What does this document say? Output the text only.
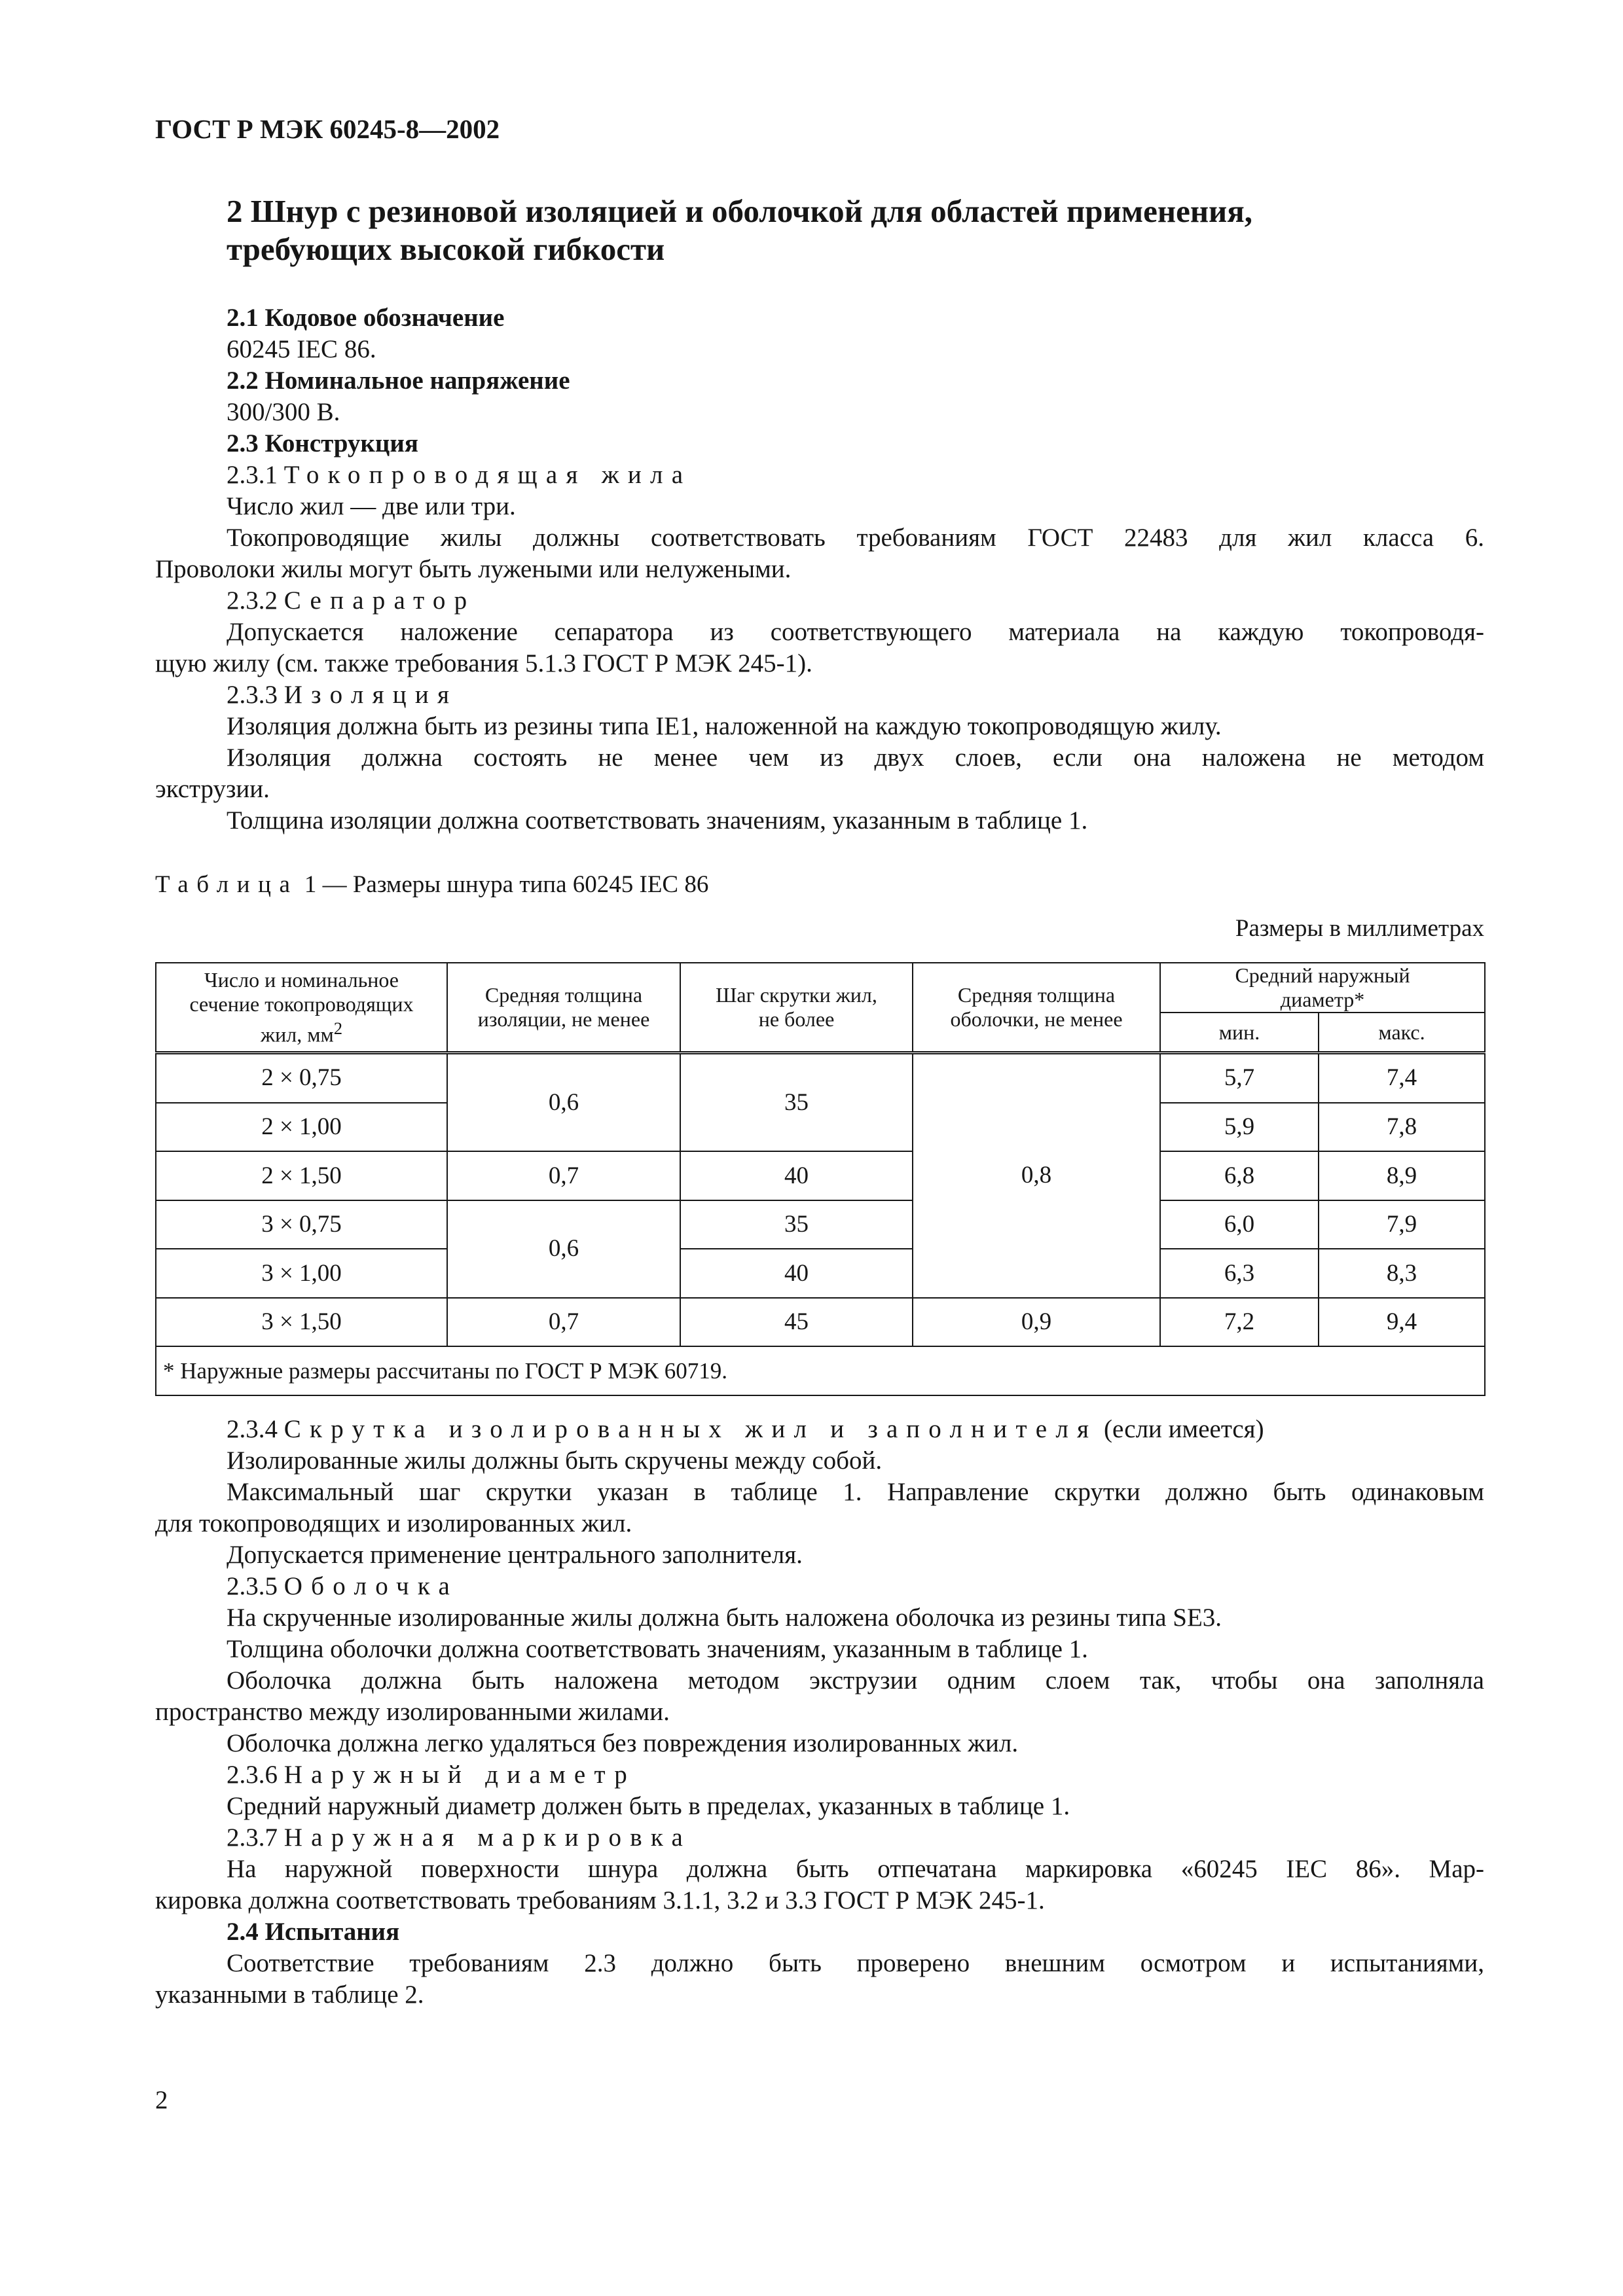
ГОСТ Р МЭК 60245-8—2002
2 Шнур с резиновой изоляцией и оболочкой для областей применения,
требующих высокой гибкости
2.1 Кодовое обозначение
60245 IEC 86.
2.2 Номинальное напряжение
300/300 В.
2.3 Конструкция
2.3.1 Токопроводящая жила
Число жил — две или три.
Токопроводящие жилы должны соответствовать требованиям ГОСТ 22483 для жил класса 6.
Проволоки жилы могут быть лужеными или нелужеными.
2.3.2 Сепаратор
Допускается наложение сепаратора из соответствующего материала на каждую токопроводя-
щую жилу (см. также требования 5.1.3 ГОСТ Р МЭК 245-1).
2.3.3 Изоляция
Изоляция должна быть из резины типа IE1, наложенной на каждую токопроводящую жилу.
Изоляция должна состоять не менее чем из двух слоев, если она наложена не методом
экструзии.
Толщина изоляции должна соответствовать значениям, указанным в таблице 1.
Таблица 1 — Размеры шнура типа 60245 IEC 86
Размеры в миллиметрах
Число и номинальное
сечение токопроводящих
жил, $мм^2$	Средняя толщина
изоляции, не менее	Шаг скрутки жил,
не более	Средняя толщина
оболочки, не менее	Средний наружный
диаметр*	
				мин.	макс.
2 × 0,75	0,6	35	0,8	5,7	7,4
2 × 1,00				5,9	7,8
2 × 1,50	0,7	40		6,8	8,9
3 × 0,75	0,6	35		6,0	7,9
3 × 1,00		40		6,3	8,3
3 × 1,50	0,7	45	0,9	7,2	9,4
* Наружные размеры рассчитаны по ГОСТ Р МЭК 60719.					
2.3.4 Скрутка изолированных жил и заполнителя (если имеется)
Изолированные жилы должны быть скручены между собой.
Максимальный шаг скрутки указан в таблице 1. Направление скрутки должно быть одинаковым
для токопроводящих и изолированных жил.
Допускается применение центрального заполнителя.
2.3.5 Оболочка
На скрученные изолированные жилы должна быть наложена оболочка из резины типа SE3.
Толщина оболочки должна соответствовать значениям, указанным в таблице 1.
Оболочка должна быть наложена методом экструзии одним слоем так, чтобы она заполняла
пространство между изолированными жилами.
Оболочка должна легко удаляться без повреждения изолированных жил.
2.3.6 Наружный диаметр
Средний наружный диаметр должен быть в пределах, указанных в таблице 1.
2.3.7 Наружная маркировка
На наружной поверхности шнура должна быть отпечатана маркировка «60245 IEC 86». Мар-
кировка должна соответствовать требованиям 3.1.1, 3.2 и 3.3 ГОСТ Р МЭК 245-1.
2.4 Испытания
Соответствие требованиям 2.3 должно быть проверено внешним осмотром и испытаниями,
указанными в таблице 2.
2
